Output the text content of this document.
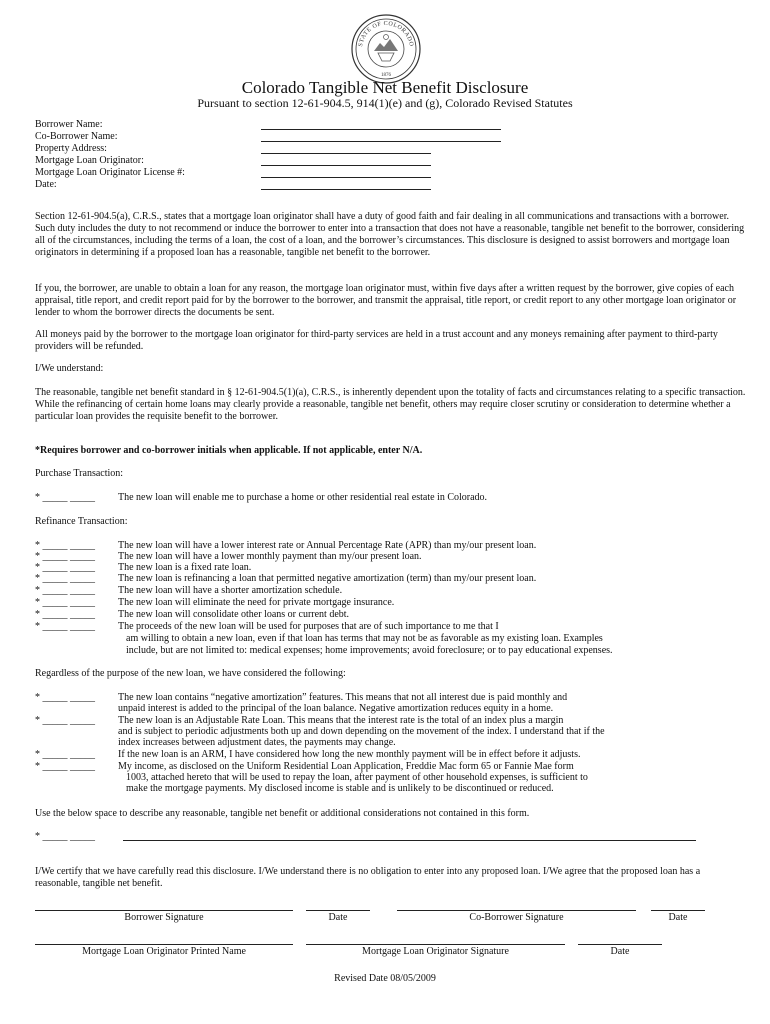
STATE OF COLORADO
1876
Colorado Tangible Net Benefit Disclosure
Pursuant to section 12-61-904.5, 914(1)(e) and (g), Colorado Revised Statutes
Borrower Name:
Co-Borrower Name:
Property Address:
Mortgage Loan Originator:
Mortgage Loan Originator License #:
Date:
Section 12-61-904.5(a), C.R.S., states that a mortgage loan originator shall have a duty of good faith and fair dealing in all communications and transactions with a borrower. Such duty includes the duty to not recommend or induce the borrower to enter into a transaction that does not have a reasonable, tangible net benefit to the borrower, considering all of the circumstances, including the terms of a loan, the cost of a loan, and the borrower’s circumstances. This disclosure is designed to assist borrowers and mortgage loan originators in determining if a proposed loan has a reasonable, tangible net benefit to the borrower.
If you, the borrower, are unable to obtain a loan for any reason, the mortgage loan originator must, within five days after a written request by the borrower, give copies of each appraisal, title report, and credit report paid for by the borrower to the borrower, and transmit the appraisal, title report, or credit report to any other mortgage loan originator or lender to whom the borrower directs the documents be sent.
All moneys paid by the borrower to the mortgage loan originator for third-party services are held in a trust account and any moneys remaining after payment to third-party providers will be refunded.
I/We understand:
The reasonable, tangible net benefit standard in § 12-61-904.5(1)(a), C.R.S., is inherently dependent upon the totality of facts and circumstances relating to a specific transaction. While the refinancing of certain home loans may clearly provide a reasonable, tangible net benefit, others may require closer scrutiny or consideration to determine whether a particular loan provides the requisite benefit to the borrower.
*Requires borrower and co-borrower initials when applicable. If not applicable, enter N/A.
Purchase Transaction:
* _____ _____ The new loan will enable me to purchase a home or other residential real estate in Colorado.
Refinance Transaction:
* _____ _____ The new loan will have a lower interest rate or Annual Percentage Rate (APR) than my/our present loan.
* _____ _____ The new loan will have a lower monthly payment than my/our present loan.
* _____ _____ The new loan is a fixed rate loan.
* _____ _____ The new loan is refinancing a loan that permitted negative amortization (term) than my/our present loan.
* _____ _____ The new loan will have a shorter amortization schedule.
* _____ _____ The new loan will eliminate the need for private mortgage insurance.
* _____ _____ The new loan will consolidate other loans or current debt.
* _____ _____ The proceeds of the new loan will be used for purposes that are of such importance to me that I
am willing to obtain a new loan, even if that loan has terms that may not be as favorable as my existing loan. Examples
include, but are not limited to: medical expenses; home improvements; avoid foreclosure; or to pay educational expenses.
Regardless of the purpose of the new loan, we have considered the following:
* _____ _____ The new loan contains “negative amortization” features. This means that not all interest due is paid monthly and
unpaid interest is added to the principal of the loan balance. Negative amortization reduces equity in a home.
* _____ _____ The new loan is an Adjustable Rate Loan. This means that the interest rate is the total of an index plus a margin
and is subject to periodic adjustments both up and down depending on the movement of the index. I understand that if the
index increases between adjustment dates, the payments may change.
* _____ _____ If the new loan is an ARM, I have considered how long the new monthly payment will be in effect before it adjusts.
* _____ _____ My income, as disclosed on the Uniform Residential Loan Application, Freddie Mac form 65 or Fannie Mae form
1003, attached hereto that will be used to repay the loan, after payment of other household expenses, is sufficient to
make the mortgage payments. My disclosed income is stable and is unlikely to be discontinued or reduced.
Use the below space to describe any reasonable, tangible net benefit or additional considerations not contained in this form.
* _____ _____
I/We certify that we have carefully read this disclosure. I/We understand there is no obligation to enter into any proposed loan. I/We agree that the proposed loan has a reasonable, tangible net benefit.
Borrower Signature	Date	Co-Borrower Signature	Date
Mortgage Loan Originator Printed Name	Mortgage Loan Originator Signature	Date
Revised Date 08/05/2009
